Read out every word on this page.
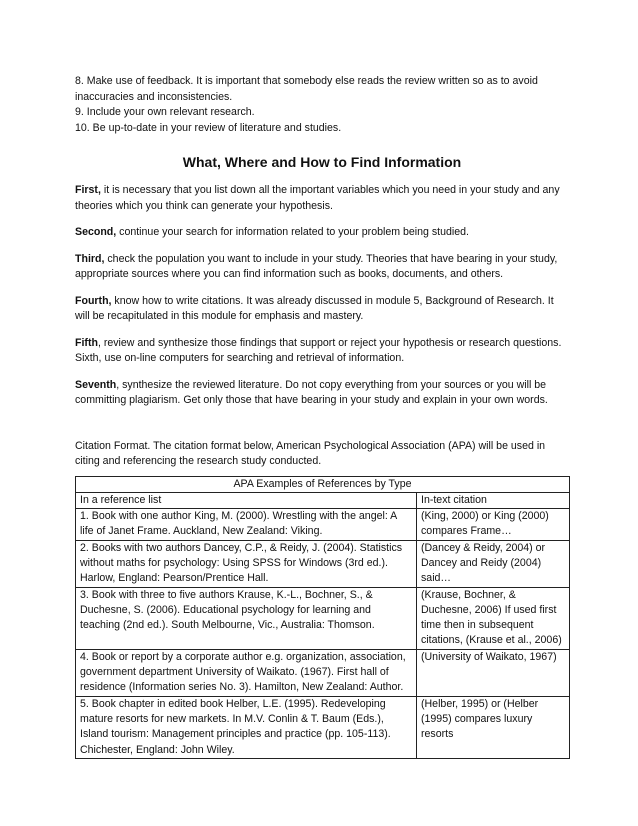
8. Make use of feedback. It is important that somebody else reads the review written so as to avoid inaccuracies and inconsistencies.

9. Include your own relevant research.

10. Be up-to-date in your review of literature and studies.

What, Where and How to Find Information

First, it is necessary that you list down all the important variables which you need in your study and any theories which you think can generate your hypothesis.

Second, continue your search for information related to your problem being studied.

Third, check the population you want to include in your study. Theories that have bearing in your study, appropriate sources where you can find information such as books, documents, and others.

Fourth, know how to write citations. It was already discussed in module 5, Background of Research. It will be recapitulated in this module for emphasis and mastery.

Fifth, review and synthesize those findings that support or reject your hypothesis or research questions. Sixth, use on-line computers for searching and retrieval of information.

Seventh, synthesize the reviewed literature. Do not copy everything from your sources or you will be committing plagiarism. Get only those that have bearing in your study and explain in your own words.

Citation Format. The citation format below, American Psychological Association (APA) will be used in citing and referencing the research study conducted.

APA Examples of References by Type	
In a reference list	In-text citation
1. Book with one author King, M. (2000). Wrestling with the angel: A life of Janet Frame. Auckland, New Zealand: Viking.	(King, 2000) or King (2000) compares Frame…
2. Books with two authors Dancey, C.P., & Reidy, J. (2004). Statistics without maths for psychology: Using SPSS for Windows (3rd ed.). Harlow, England: Pearson/Prentice Hall.	(Dancey & Reidy, 2004) or Dancey and Reidy (2004) said…
3. Book with three to five authors Krause, K.-L., Bochner, S., & Duchesne, S. (2006). Educational psychology for learning and teaching (2nd ed.). South Melbourne, Vic., Australia: Thomson.	(Krause, Bochner, & Duchesne, 2006) If used first time then in subsequent citations, (Krause et al., 2006)
4. Book or report by a corporate author e.g. organization, association, government department University of Waikato. (1967). First hall of residence (Information series No. 3). Hamilton, New Zealand: Author.	(University of Waikato, 1967)
5. Book chapter in edited book Helber, L.E. (1995). Redeveloping mature resorts for new markets. In M.V. Conlin & T. Baum (Eds.), Island tourism: Management principles and practice (pp. 105-113). Chichester, England: John Wiley.	(Helber, 1995) or (Helber (1995) compares luxury resorts
